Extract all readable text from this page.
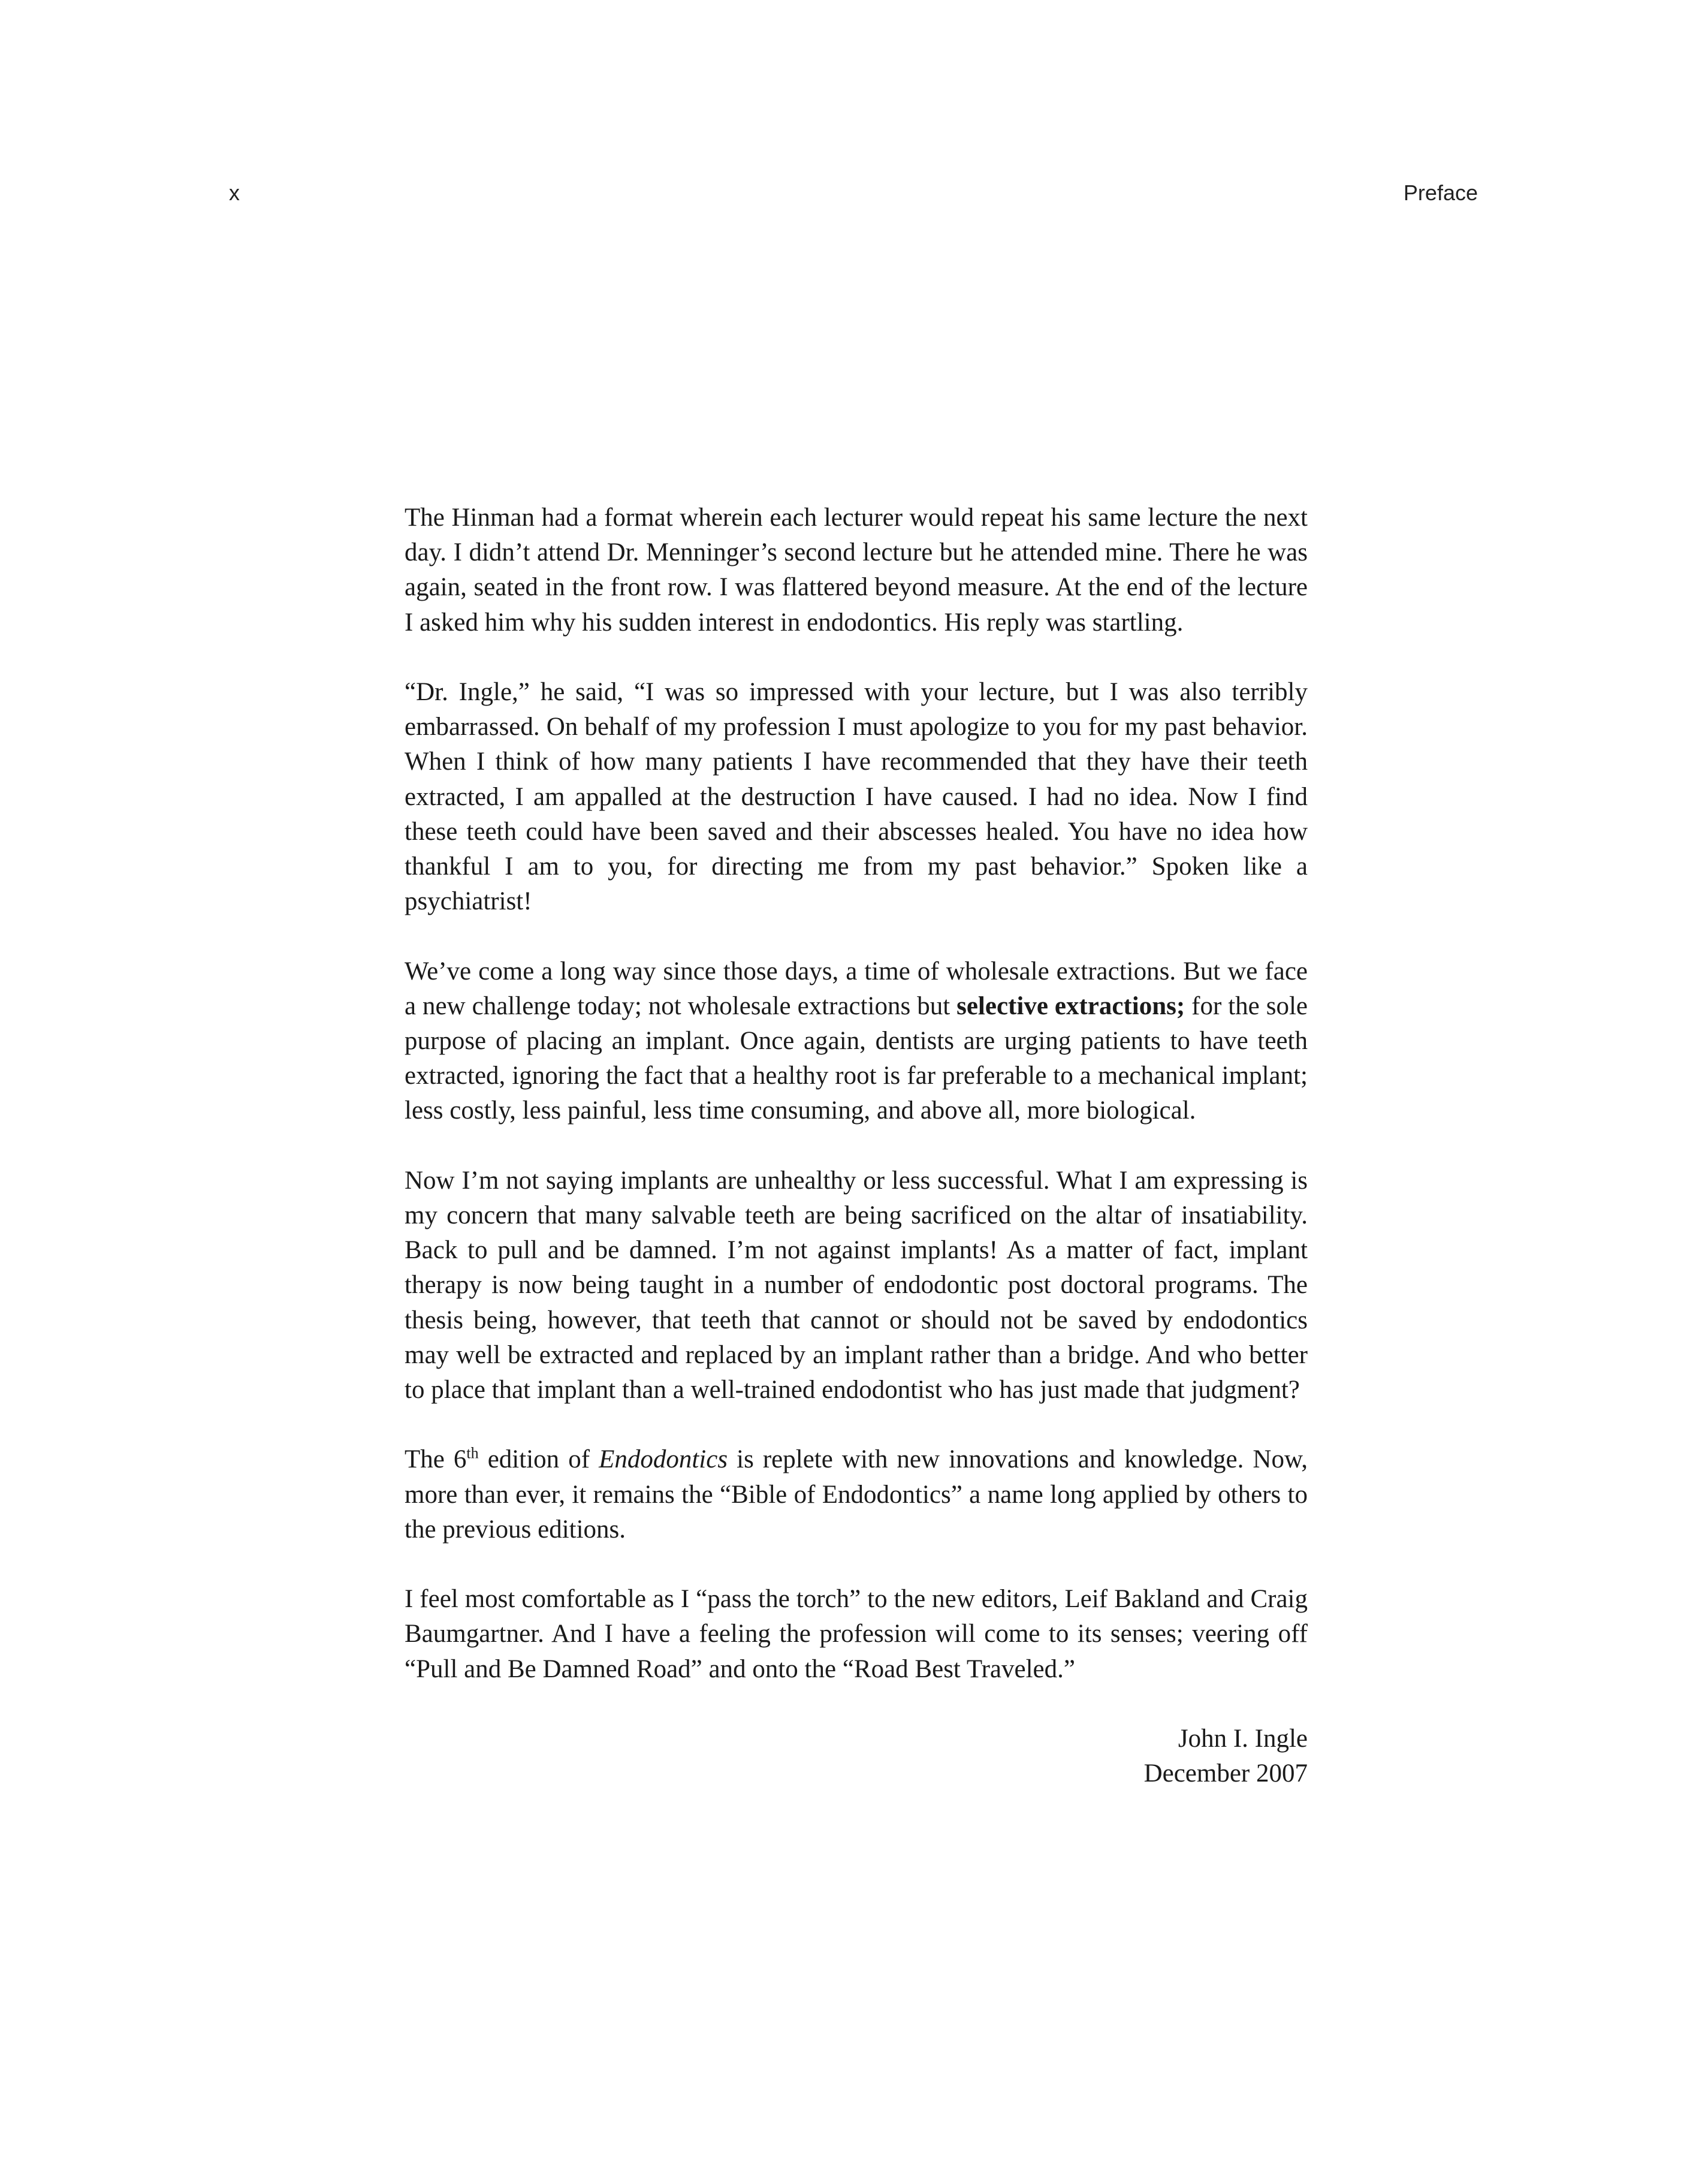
x	Preface

The Hinman had a format wherein each lecturer would repeat his same lecture the next day. I didn’t attend Dr. Menninger’s second lecture but he attended mine. There he was again, seated in the front row. I was flattered beyond measure. At the end of the lecture I asked him why his sudden interest in endodontics. His reply was startling.

“Dr. Ingle,” he said, “I was so impressed with your lecture, but I was also terribly embarrassed. On behalf of my profession I must apologize to you for my past behavior. When I think of how many patients I have recommended that they have their teeth extracted, I am appalled at the destruction I have caused. I had no idea. Now I find these teeth could have been saved and their abscesses healed. You have no idea how thankful I am to you, for directing me from my past behavior.” Spoken like a psychiatrist!

We’ve come a long way since those days, a time of wholesale extractions. But we face a new challenge today; not wholesale extractions but selective extractions; for the sole purpose of placing an implant. Once again, dentists are urging patients to have teeth extracted, ignoring the fact that a healthy root is far preferable to a mechanical implant; less costly, less painful, less time consuming, and above all, more biological.

Now I’m not saying implants are unhealthy or less successful. What I am expressing is my concern that many salvable teeth are being sacrificed on the altar of insatiability. Back to pull and be damned. I’m not against implants! As a matter of fact, implant therapy is now being taught in a number of endodontic post doctoral programs. The thesis being, however, that teeth that cannot or should not be saved by endodontics may well be extracted and replaced by an implant rather than a bridge. And who better to place that implant than a well-trained endodontist who has just made that judgment?

The 6th edition of Endodontics is replete with new innovations and knowledge. Now, more than ever, it remains the “Bible of Endodontics” a name long applied by others to the previous editions.

I feel most comfortable as I “pass the torch” to the new editors, Leif Bakland and Craig Baumgartner. And I have a feeling the profession will come to its senses; veering off “Pull and Be Damned Road” and onto the “Road Best Traveled.”

John I. Ingle
December 2007
